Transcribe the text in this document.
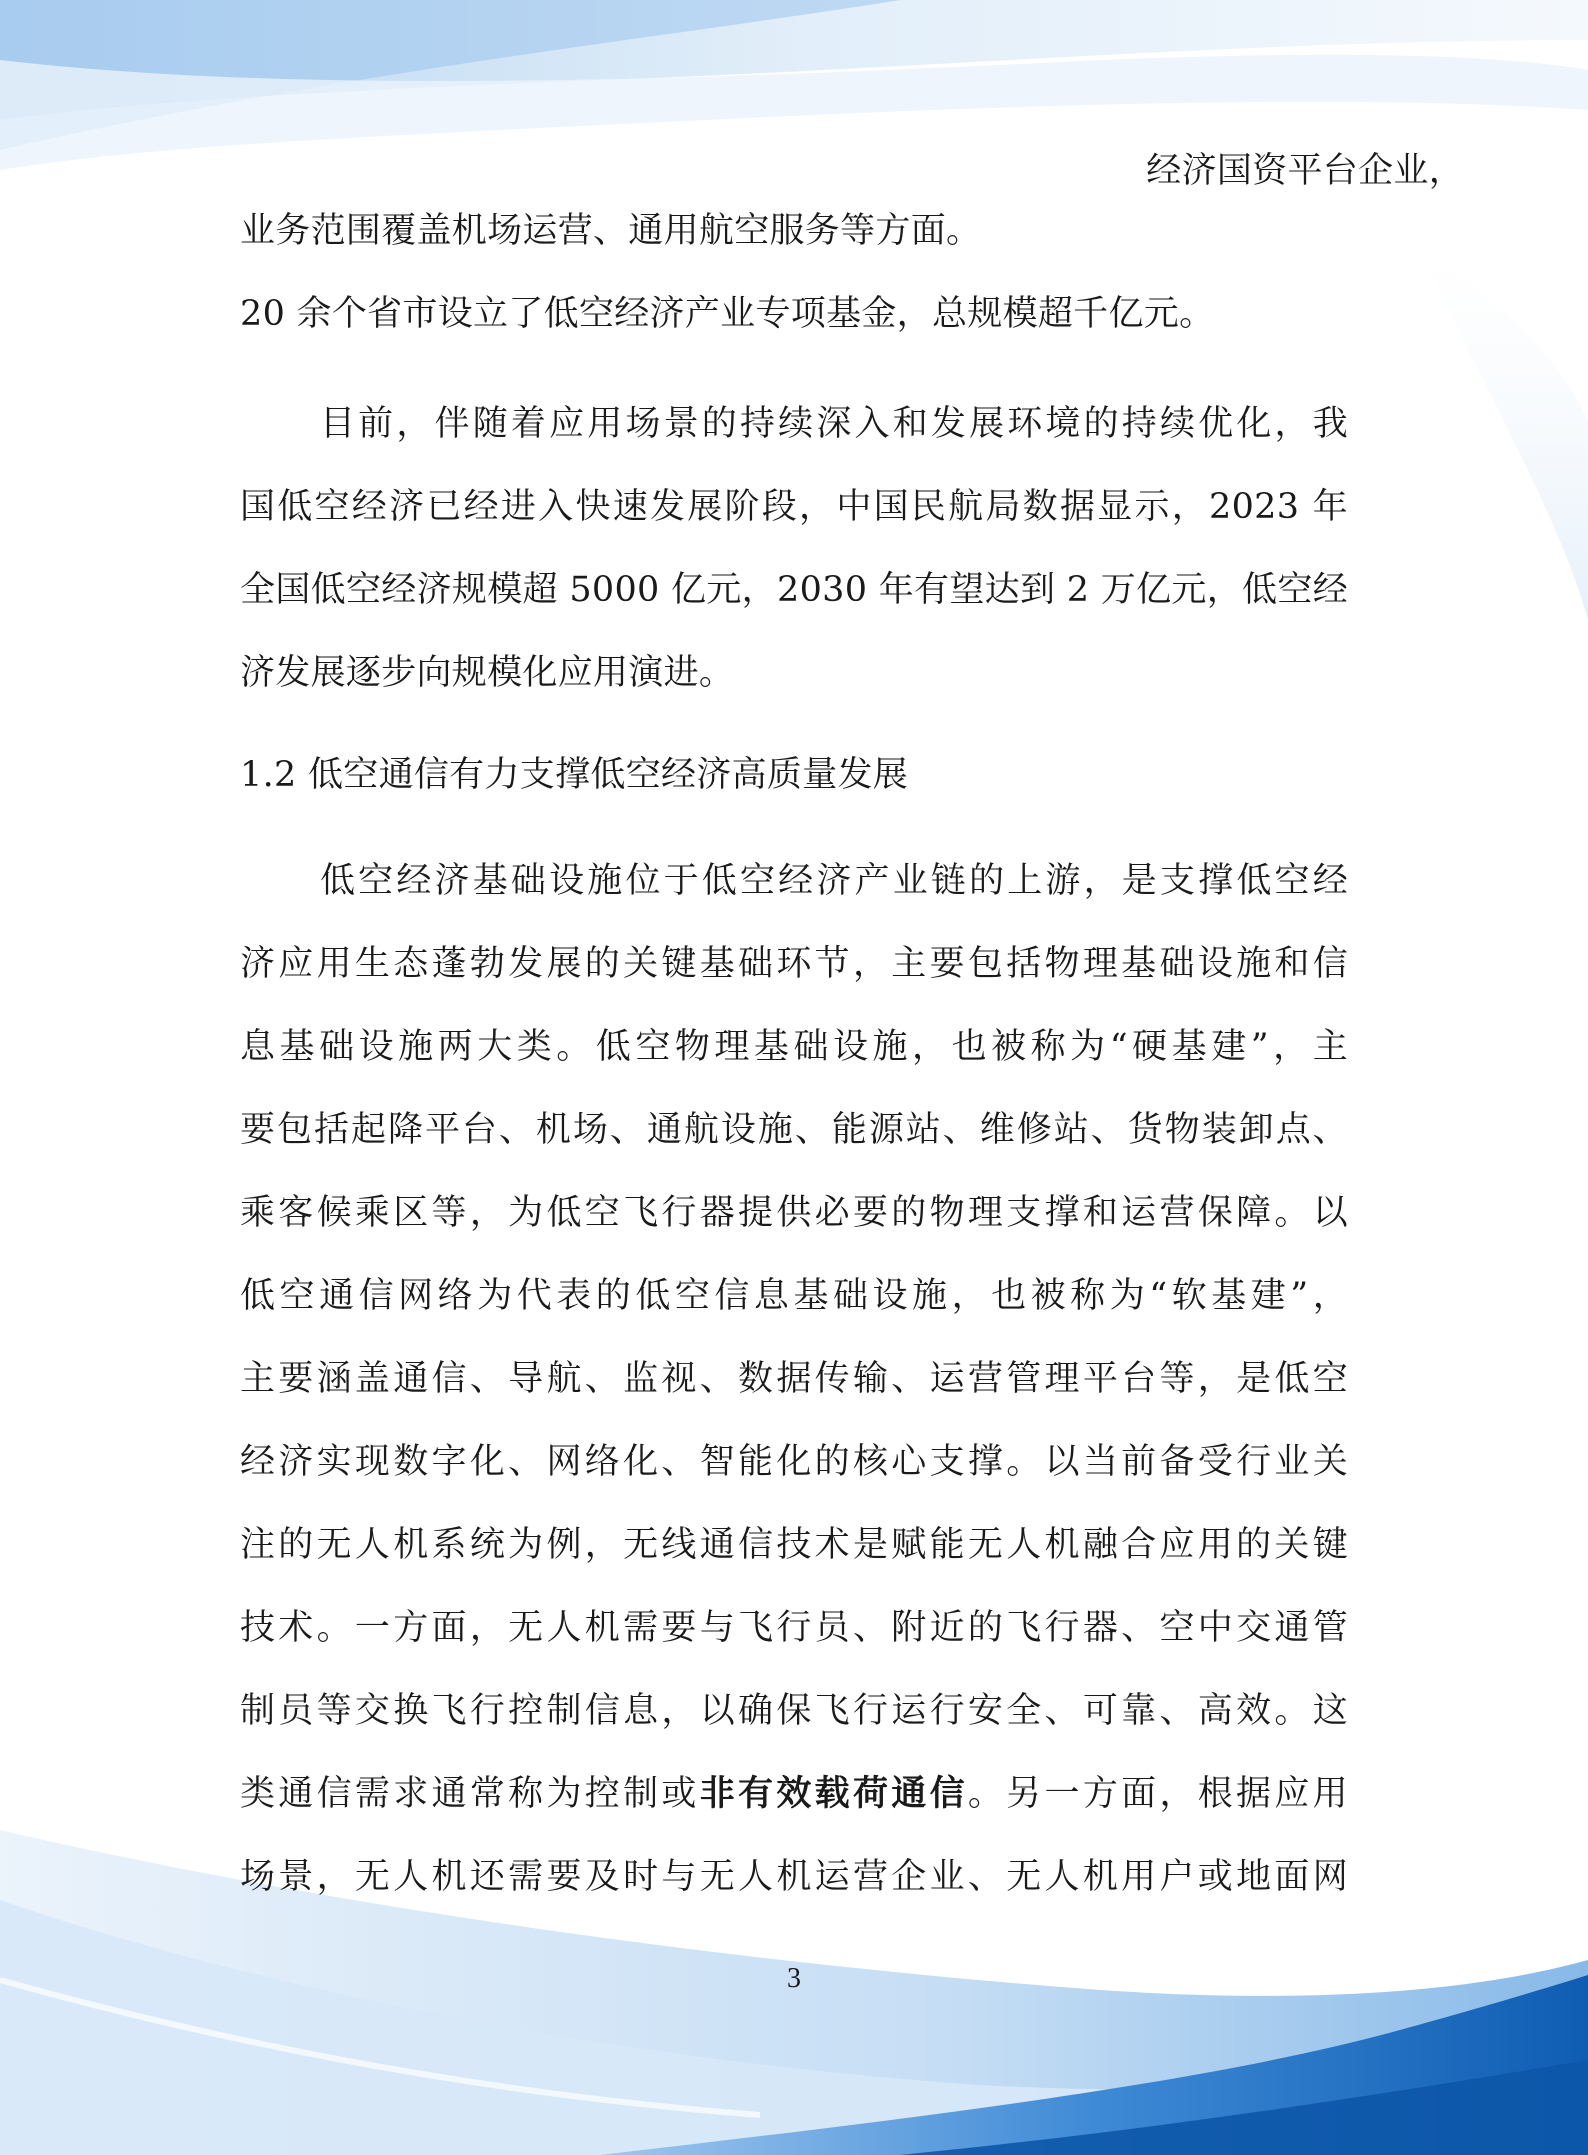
经济国资平台企业，
业务范围覆盖机场运营、通用航空服务等方面。
20 余个省市设立了低空经济产业专项基金，总规模超千亿元。
目前，伴随着应用场景的持续深入和发展环境的持续优化，我
国低空经济已经进入快速发展阶段，中国民航局数据显示，2023 年
全国低空经济规模超 5000 亿元，2030 年有望达到 2 万亿元，低空经
济发展逐步向规模化应用演进。
1.2 低空通信有力支撑低空经济高质量发展
低空经济基础设施位于低空经济产业链的上游，是支撑低空经
济应用生态蓬勃发展的关键基础环节，主要包括物理基础设施和信
息基础设施两大类。低空物理基础设施，也被称为“硬基建”，主
要包括起降平台、机场、通航设施、能源站、维修站、货物装卸点、
乘客候乘区等，为低空飞行器提供必要的物理支撑和运营保障。以
低空通信网络为代表的低空信息基础设施，也被称为“软基建”，
主要涵盖通信、导航、监视、数据传输、运营管理平台等，是低空
经济实现数字化、网络化、智能化的核心支撑。以当前备受行业关
注的无人机系统为例，无线通信技术是赋能无人机融合应用的关键
技术。一方面，无人机需要与飞行员、附近的飞行器、空中交通管
制员等交换飞行控制信息，以确保飞行运行安全、可靠、高效。这
类通信需求通常称为控制或非有效载荷通信。另一方面，根据应用
场景，无人机还需要及时与无人机运营企业、无人机用户或地面网
3
